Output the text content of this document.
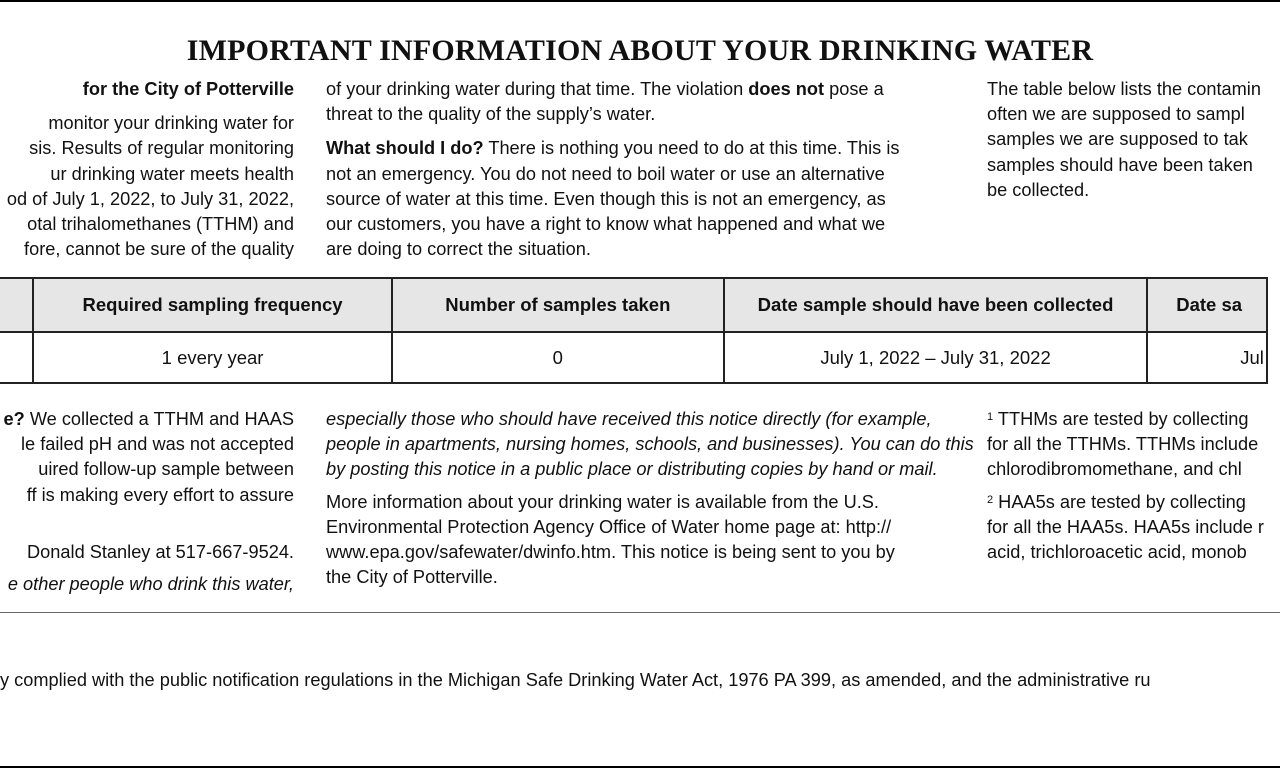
IMPORTANT INFORMATION ABOUT YOUR DRINKING WATER

for the City of Potterville

monitor your drinking water for

sis. Results of regular monitoring

ur drinking water meets health

od of July 1, 2022, to July 31, 2022,

otal trihalomethanes (TTHM) and

fore, cannot be sure of the quality

of your drinking water during that time. The violation does not pose a

threat to the quality of the supply’s water.

What should I do? There is nothing you need to do at this time. This is

not an emergency. You do not need to boil water or use an alternative

source of water at this time. Even though this is not an emergency, as

our customers, you have a right to know what happened and what we

are doing to correct the situation.

The table below lists the contamin

often we are supposed to sampl

samples we are supposed to tak

samples should have been taken

be collected.

	Required sampling frequency	Number of samples taken	Date sample should have been collected	Date sa
	1 every year	0	July 1, 2022 – July 31, 2022	Jul

e? We collected a TTHM and HAAS

le failed pH and was not accepted

uired follow-up sample between

ff is making every effort to assure

Donald Stanley at 517-667-9524.

e other people who drink this water,

especially those who should have received this notice directly (for example,

people in apartments, nursing homes, schools, and businesses). You can do this

by posting this notice in a public place or distributing copies by hand or mail.

More information about your drinking water is available from the U.S.

Environmental Protection Agency Office of Water home page at: http://

www.epa.gov/safewater/dwinfo.htm. This notice is being sent to you by

the City of Potterville.

$^1$ TTHMs are tested by collecting

for all the TTHMs. TTHMs include

chlorodibromomethane, and chl

$^2$ HAA5s are tested by collecting

for all the HAA5s. HAA5s include r

acid, trichloroacetic acid, monob

y complied with the public notification regulations in the Michigan Safe Drinking Water Act, 1976 PA 399, as amended, and the administrative ru
